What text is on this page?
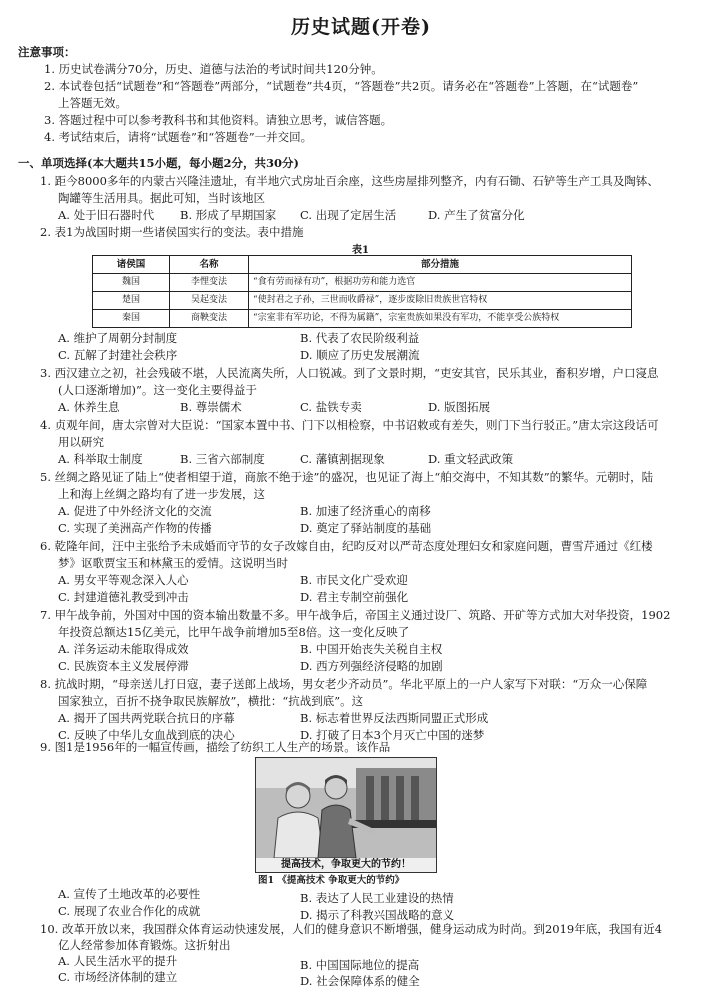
历史试题(开卷)
注意事项：
1. 历史试卷满分70分，历史、道德与法治的考试时间共120分钟。
2. 本试卷包括“试题卷”和“答题卷”两部分，“试题卷”共4页，“答题卷”共2页。请务必在“答题卷”上答题，在“试题卷”
上答题无效。
3. 答题过程中可以参考教科书和其他资料。请独立思考，诚信答题。
4. 考试结束后，请将“试题卷”和“答题卷”一并交回。
一、单项选择(本大题共15小题，每小题2分，共30分)
1. 距今8000多年的内蒙古兴隆洼遗址，有半地穴式房址百余座，这些房屋排列整齐，内有石锄、石铲等生产工具及陶钵、
陶罐等生活用具。据此可知，当时该地区
A. 处于旧石器时代 B. 形成了早期国家 C. 出现了定居生活	D. 产生了贫富分化
2. 表1为战国时期一些诸侯国实行的变法。表中措施
表1
诸侯国	名称	部分措施
魏国	李悝变法	“食有劳而禄有功”，根据功劳和能力选官
楚国	吴起变法	“使封君之子孙，三世而收爵禄”，逐步废除旧贵族世官特权
秦国	商鞅变法	“宗室非有军功论，不得为属籍”，宗室贵族如果没有军功，不能享受公族特权
A. 维护了周朝分封制度	B. 代表了农民阶级利益
C. 瓦解了封建社会秩序	D. 顺应了历史发展潮流
3. 西汉建立之初，社会残破不堪，人民流离失所，人口锐减。到了文景时期，“吏安其官，民乐其业，畜积岁增，户口寖息
(人口逐渐增加)”。这一变化主要得益于
A. 休养生息	B. 尊崇儒术	C. 盐铁专卖	D. 版图拓展
4. 贞观年间，唐太宗曾对大臣说：“国家本置中书、门下以相检察，中书诏敕或有差失，则门下当行驳正。”唐太宗这段话可
用以研究
A. 科举取士制度	B. 三省六部制度	C. 藩镇割据现象	D. 重文轻武政策
5. 丝绸之路见证了陆上“使者相望于道，商旅不绝于途”的盛况，也见证了海上“舶交海中，不知其数”的繁华。元朝时，陆
上和海上丝绸之路均有了进一步发展，这
A. 促进了中外经济文化的交流	B. 加速了经济重心的南移
C. 实现了美洲高产作物的传播	D. 奠定了驿站制度的基础
6. 乾隆年间，汪中主张给予未成婚而守节的女子改嫁自由，纪昀反对以严苛态度处理妇女和家庭问题，曹雪芹通过《红楼
梦》讴歌贾宝玉和林黛玉的爱情。这说明当时
A. 男女平等观念深入人心	B. 市民文化广受欢迎
C. 封建道德礼教受到冲击	D. 君主专制空前强化
7. 甲午战争前，外国对中国的资本输出数量不多。甲午战争后，帝国主义通过设厂、筑路、开矿等方式加大对华投资，1902
年投资总额达15亿美元，比甲午战争前增加5至8倍。这一变化反映了
A. 洋务运动未能取得成效	B. 中国开始丧失关税自主权
C. 民族资本主义发展停滞	D. 西方列强经济侵略的加剧
8. 抗战时期，“母亲送儿打日寇，妻子送郎上战场，男女老少齐动员”。华北平原上的一户人家写下对联：“万众一心保障
国家独立，百折不挠争取民族解放”，横批：“抗战到底”。这
A. 揭开了国共两党联合抗日的序幕	B. 标志着世界反法西斯同盟正式形成
C. 反映了中华儿女血战到底的决心	D. 打破了日本3个月灭亡中国的迷梦
9. 图1是1956年的一幅宣传画，描绘了纺织工人生产的场景。该作品
提高技术，争取更大的节约！
图1 《提高技术 争取更大的节约》
A. 宣传了土地改革的必要性	B. 表达了人民工业建设的热情
C. 展现了农业合作化的成就	D. 揭示了科教兴国战略的意义
10. 改革开放以来，我国群众体育运动快速发展，人们的健身意识不断增强，健身运动成为时尚。到2019年底，我国有近4
亿人经常参加体育锻炼。这折射出
A. 人民生活水平的提升	B. 中国国际地位的提高
C. 市场经济体制的建立	D. 社会保障体系的健全
